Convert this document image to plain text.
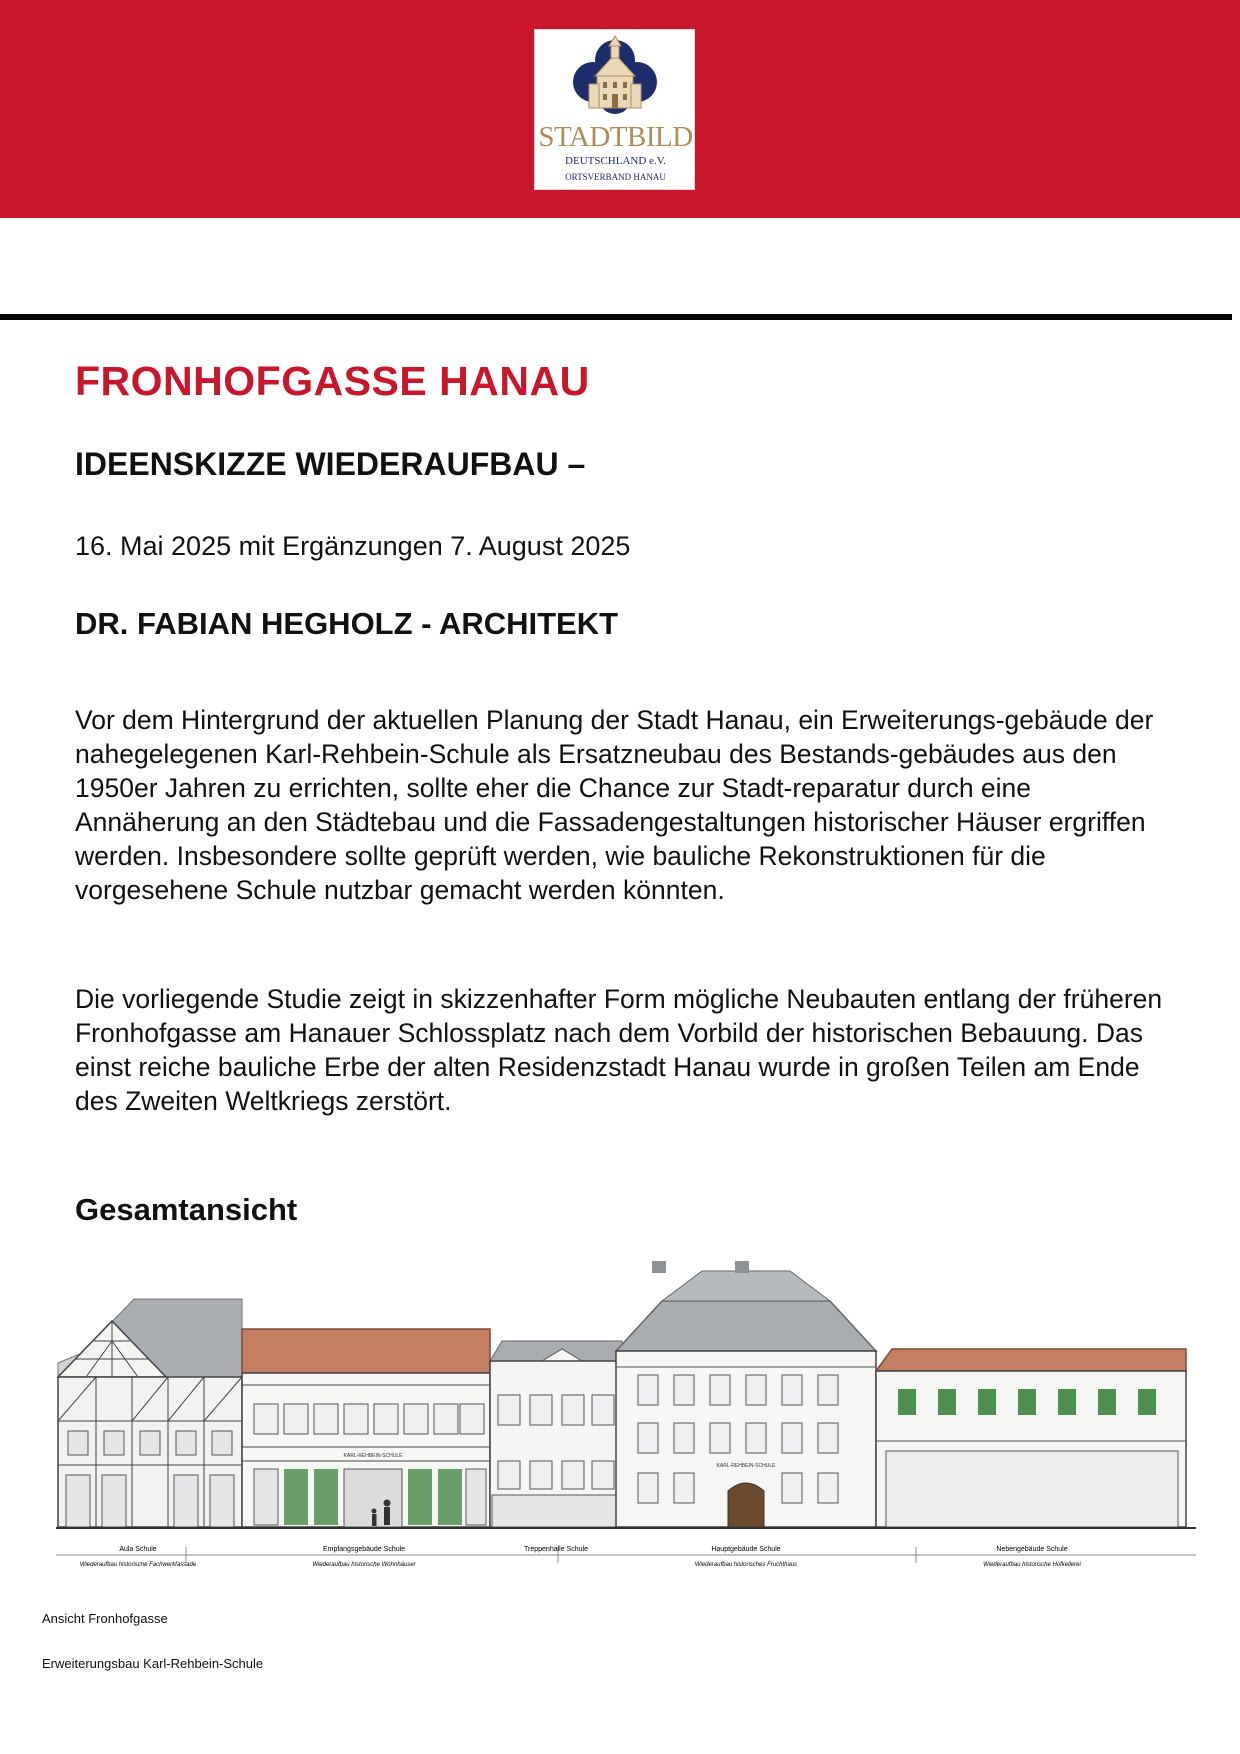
STADTBILD
DEUTSCHLAND e.V.
ORTSVERBAND HANAU
FRONHOFGASSE HANAU
IDEENSKIZZE WIEDERAUFBAU –
16. Mai 2025 mit Ergänzungen 7. August 2025
DR. FABIAN HEGHOLZ - ARCHITEKT

Vor dem Hintergrund der aktuellen Planung der Stadt Hanau, ein Erweiterungs-gebäude der nahegelegenen Karl-Rehbein-Schule als Ersatzneubau des Bestands-gebäudes aus den 1950er Jahren zu errichten, sollte eher die Chance zur Stadt-reparatur durch eine Annäherung an den Städtebau und die Fassadengestaltungen historischer Häuser ergriffen werden. Insbesondere sollte geprüft werden, wie bauliche Rekonstruktionen für die vorgesehene Schule nutzbar gemacht werden könnten.

Die vorliegende Studie zeigt in skizzenhafter Form mögliche Neubauten entlang der früheren Fronhofgasse am Hanauer Schlossplatz nach dem Vorbild der historischen Bebauung. Das einst reiche bauliche Erbe der alten Residenzstadt Hanau wurde in großen Teilen am Ende des Zweiten Weltkriegs zerstört.

Gesamtansicht
KARL-REHBEIN-SCHULE
KARL-REHBEIN-SCHULE
Aula Schule
Wiederaufbau historische Fachwerkfassade
Empfangsgebäude Schule
Wiederaufbau historische Wohnhäuser
Treppenhalle Schule	Hauptgebäude Schule
Wiederaufbau historisches Fruchthaus
Nebengebäude Schule
Wiederaufbau historische Hofkellerei
Ansicht Fronhofgasse
Erweiterungsbau Karl-Rehbein-Schule
